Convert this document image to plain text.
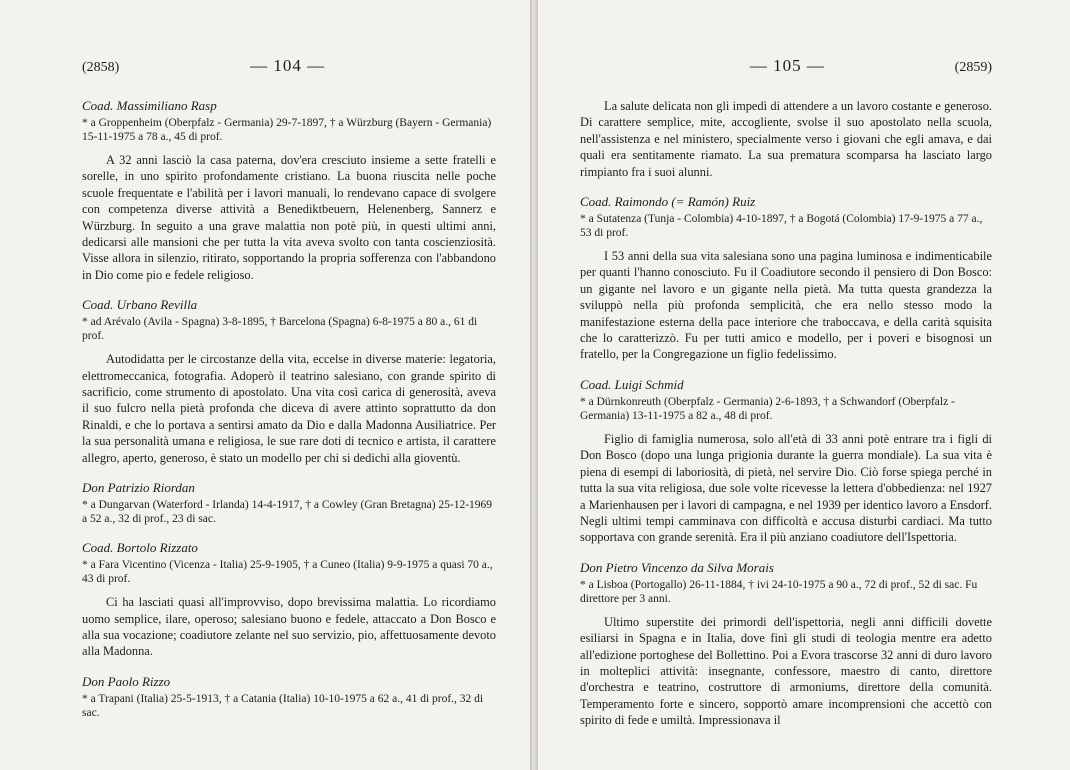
(2858)	— 104 —

Coad. Massimiliano Rasp

* a Groppenheim (Oberpfalz - Germania) 29-7-1897, † a Würzburg (Bayern - Germania) 15-11-1975 a 78 a., 45 di prof.

A 32 anni lasciò la casa paterna, dov'era cresciuto insieme a sette fratelli e sorelle, in uno spirito profondamente cristiano. La buona riuscita nelle poche scuole frequentate e l'abilità per i lavori manuali, lo rendevano capace di svolgere con competenza diverse attività a Benediktbeuern, Helenenberg, Sannerz e Würzburg. In seguito a una grave malattia non potè più, in questi ultimi anni, dedicarsi alle mansioni che per tutta la vita aveva svolto con tanta coscienziosità. Visse allora in silenzio, ritirato, sopportando la propria sofferenza con l'abbandono in Dio come pio e fedele religioso.

Coad. Urbano Revilla

* ad Arévalo (Avila - Spagna) 3-8-1895, † Barcelona (Spagna) 6-8-1975 a 80 a., 61 di prof.

Autodidatta per le circostanze della vita, eccelse in diverse materie: legatoria, elettromeccanica, fotografia. Adoperò il teatrino salesiano, con grande spirito di sacrificio, come strumento di apostolato. Una vita così carica di generosità, aveva il suo fulcro nella pietà profonda che diceva di avere attinto soprattutto da don Rinaldi, e che lo portava a sentirsi amato da Dio e dalla Madonna Ausiliatrice. Per la sua personalità umana e religiosa, le sue rare doti di tecnico e artista, il carattere allegro, aperto, generoso, è stato un modello per chi si dedichi alla gioventù.

Don Patrizio Riordan

* a Dungarvan (Waterford - Irlanda) 14-4-1917, † a Cowley (Gran Bretagna) 25-12-1969 a 52 a., 32 di prof., 23 di sac.

Coad. Bortolo Rizzato

* a Fara Vicentino (Vicenza - Italia) 25-9-1905, † a Cuneo (Italia) 9-9-1975 a quasi 70 a., 43 di prof.

Ci ha lasciati quasi all'improvviso, dopo brevissima malattia. Lo ricordiamo uomo semplice, ilare, operoso; salesiano buono e fedele, attaccato a Don Bosco e alla sua vocazione; coadiutore zelante nel suo servizio, pio, affettuosamente devoto alla Madonna.

Don Paolo Rizzo

* a Trapani (Italia) 25-5-1913, † a Catania (Italia) 10-10-1975 a 62 a., 41 di prof., 32 di sac.

— 105 —	(2859)

La salute delicata non gli impedì di attendere a un lavoro costante e generoso. Di carattere semplice, mite, accogliente, svolse il suo apostolato nella scuola, nell'assistenza e nel ministero, specialmente verso i giovani che egli amava, e dai quali era sentitamente riamato. La sua prematura scomparsa ha lasciato largo rimpianto fra i suoi alunni.

Coad. Raimondo (= Ramón) Ruiz

* a Sutatenza (Tunja - Colombia) 4-10-1897, † a Bogotá (Colombia) 17-9-1975 a 77 a., 53 di prof.

I 53 anni della sua vita salesiana sono una pagina luminosa e indimenticabile per quanti l'hanno conosciuto. Fu il Coadiutore secondo il pensiero di Don Bosco: un gigante nel lavoro e un gigante nella pietà. Ma tutta questa grandezza la sviluppò nella più profonda semplicità, che era nello stesso modo la manifestazione esterna della pace interiore che traboccava, e della carità squisita che lo caratterizzò. Fu per tutti amico e modello, per i poveri e bisognosi un fratello, per la Congregazione un figlio fedelissimo.

Coad. Luigi Schmid

* a Dürnkonreuth (Oberpfalz - Germania) 2-6-1893, † a Schwandorf (Oberpfalz - Germania) 13-11-1975 a 82 a., 48 di prof.

Figlio di famiglia numerosa, solo all'età di 33 anni potè entrare tra i figli di Don Bosco (dopo una lunga prigionia durante la guerra mondiale). La sua vita è piena di esempi di laboriosità, di pietà, nel servire Dio. Ciò forse spiega perché in tutta la sua vita religiosa, due sole volte ricevesse la lettera d'obbedienza: nel 1927 a Marienhausen per i lavori di campagna, e nel 1939 per identico lavoro a Ensdorf. Negli ultimi tempi camminava con difficoltà e accusa disturbi cardiaci. Ma tutto sopportava con grande serenità. Era il più anziano coadiutore dell'Ispettoria.

Don Pietro Vincenzo da Silva Morais

* a Lisboa (Portogallo) 26-11-1884, † ivi 24-10-1975 a 90 a., 72 di prof., 52 di sac. Fu direttore per 3 anni.

Ultimo superstite dei primordi dell'ispettoria, negli anni difficili dovette esiliarsi in Spagna e in Italia, dove finì gli studi di teologia mentre era adetto all'edizione portoghese del Bollettino. Poi a Evora trascorse 32 anni di duro lavoro in molteplici attività: insegnante, confessore, maestro di canto, direttore d'orchestra e teatrino, costruttore di armoniums, direttore della comunità. Temperamento forte e sincero, sopportò amare incomprensioni che accettò con spirito di fede e umiltà. Impressionava il
